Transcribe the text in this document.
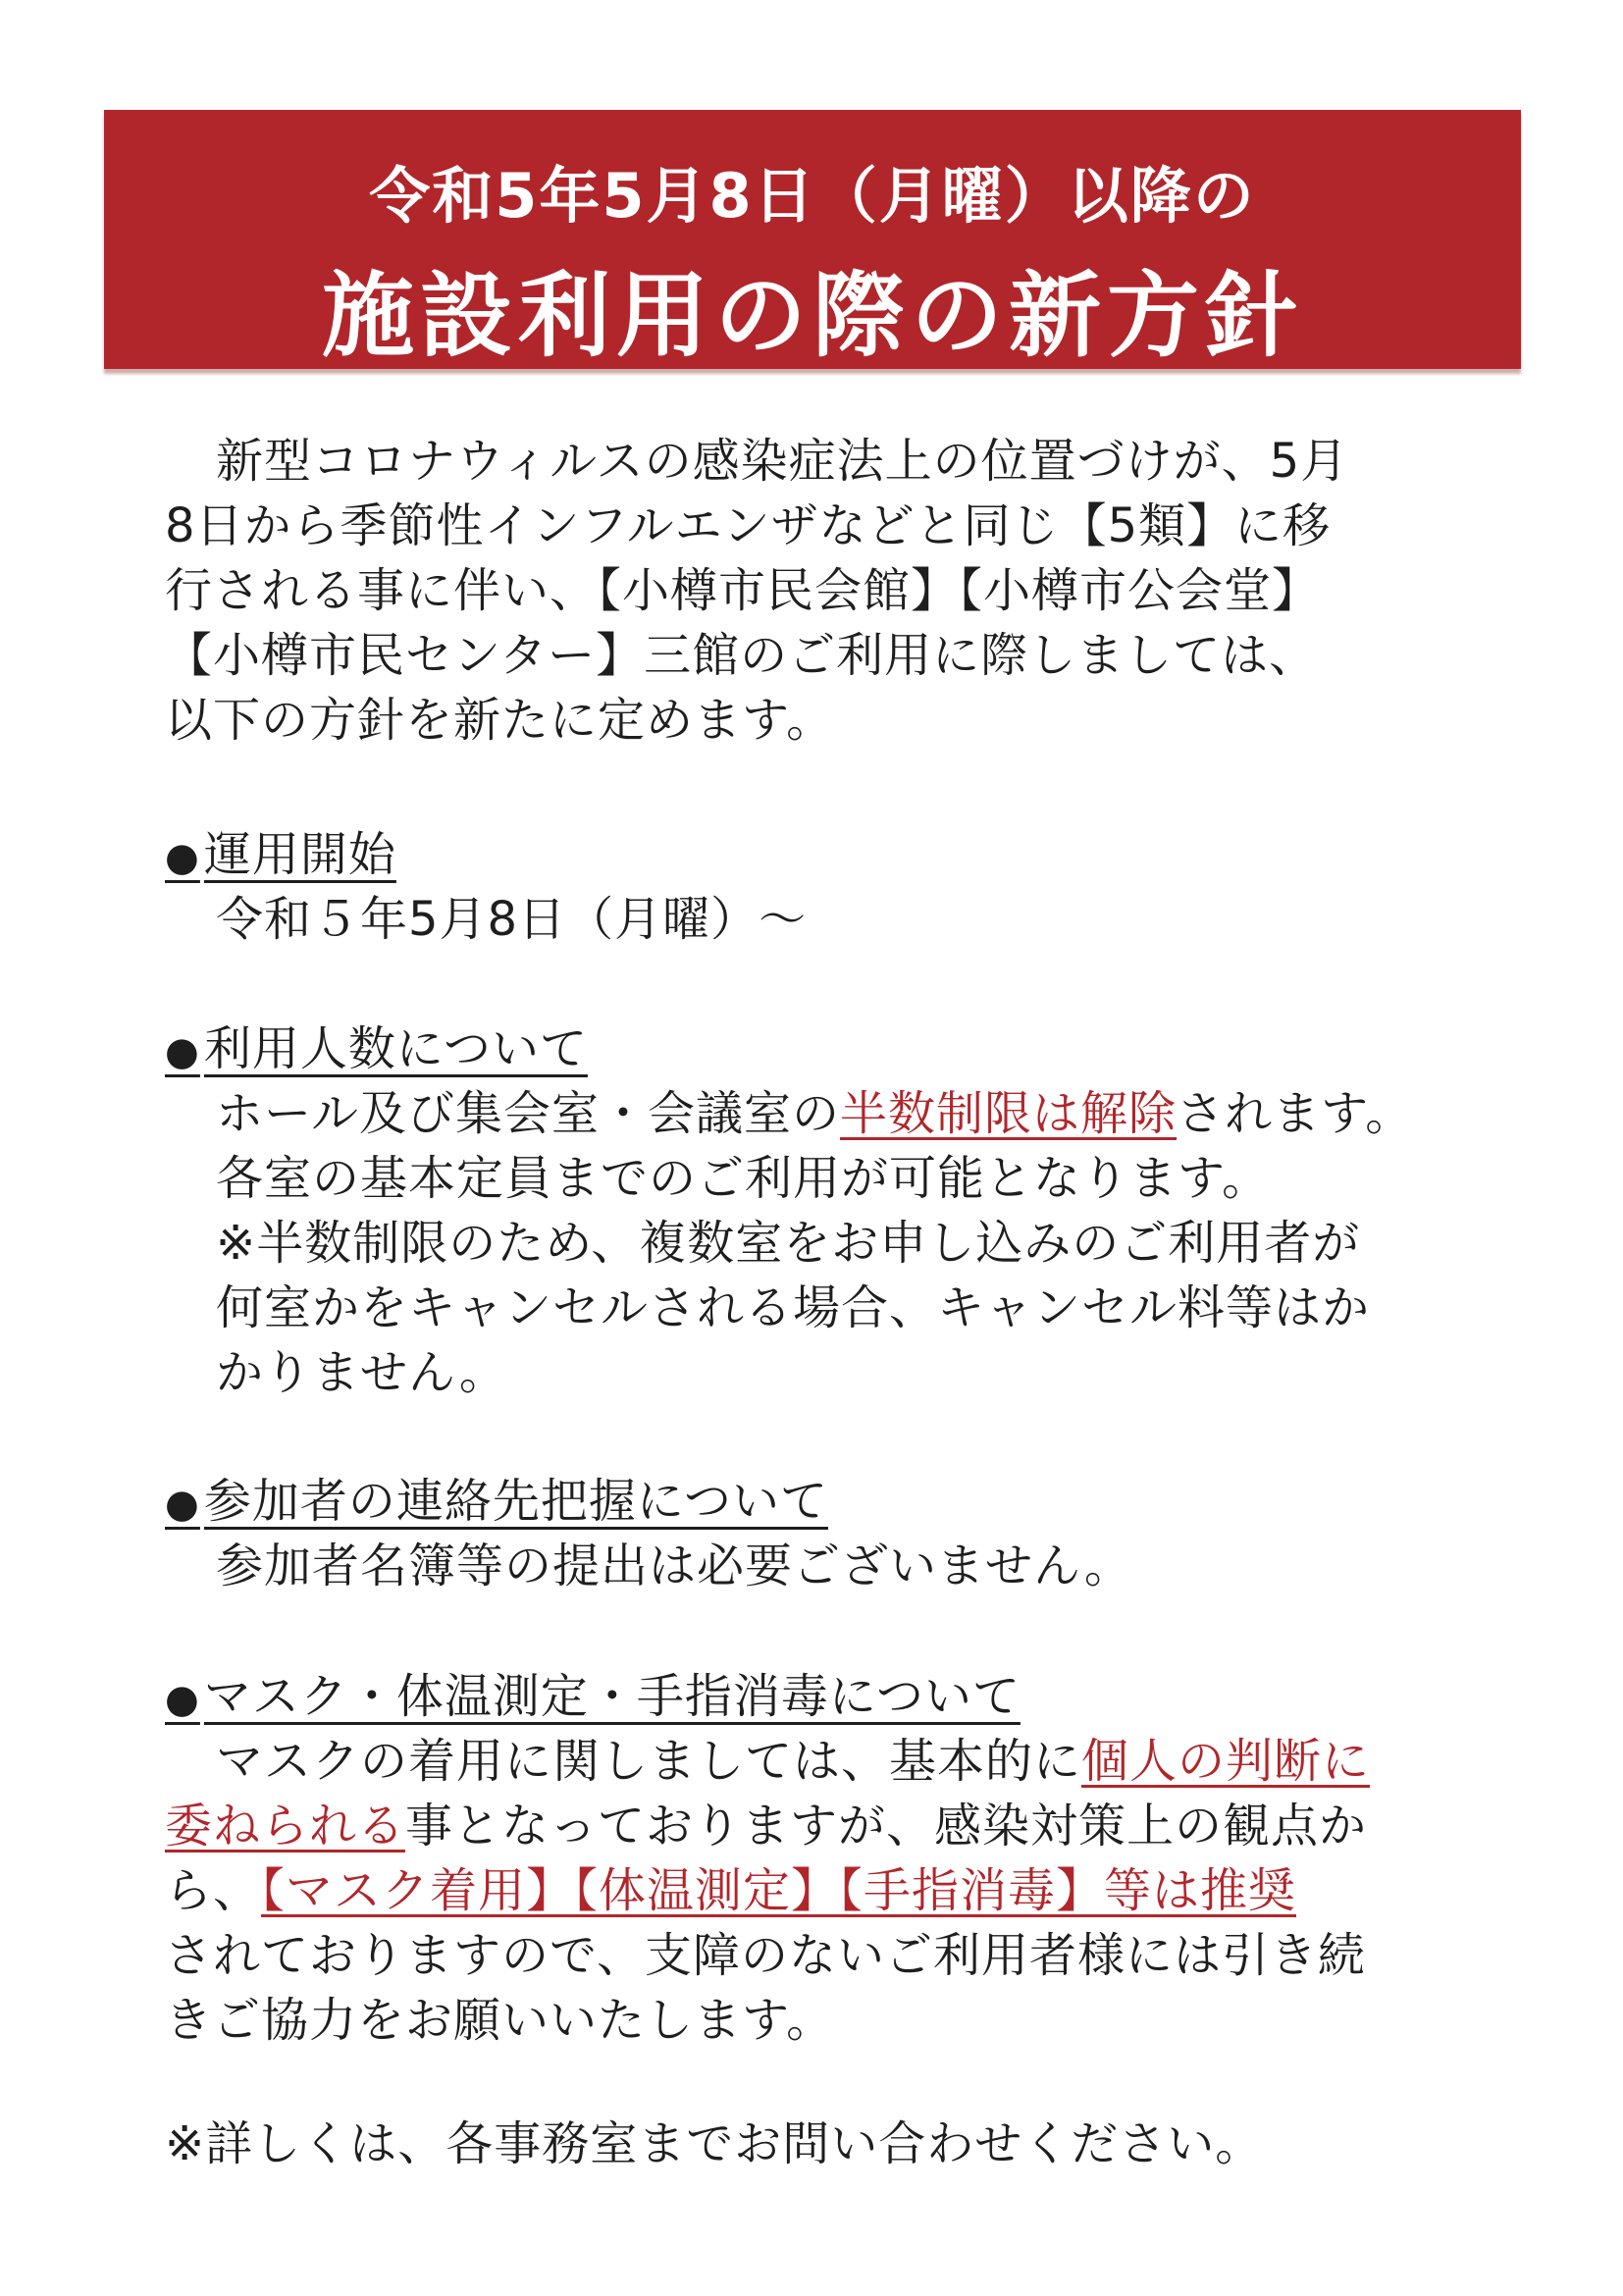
令和5年5月8日（月曜）以降の
施設利用の際の新方針
新型コロナウィルスの感染症法上の位置づけが、5月
8日から季節性インフルエンザなどと同じ【5類】に移
行される事に伴い、【小樽市民会館】【小樽市公会堂】
【小樽市民センター】三館のご利用に際しましては、
以下の方針を新たに定めます。
●運用開始
令和５年5月8日（月曜）～
●利用人数について
ホール及び集会室・会議室の半数制限は解除されます。
各室の基本定員までのご利用が可能となります。
※半数制限のため、複数室をお申し込みのご利用者が
何室かをキャンセルされる場合、キャンセル料等はか
かりません。
●参加者の連絡先把握について
参加者名簿等の提出は必要ございません。
●マスク・体温測定・手指消毒について
マスクの着用に関しましては、基本的に個人の判断に
委ねられる事となっておりますが、感染対策上の観点か
ら、【マスク着用】【体温測定】【手指消毒】等は推奨
されておりますので、支障のないご利用者様には引き続
きご協力をお願いいたします。
※詳しくは、各事務室までお問い合わせください。
